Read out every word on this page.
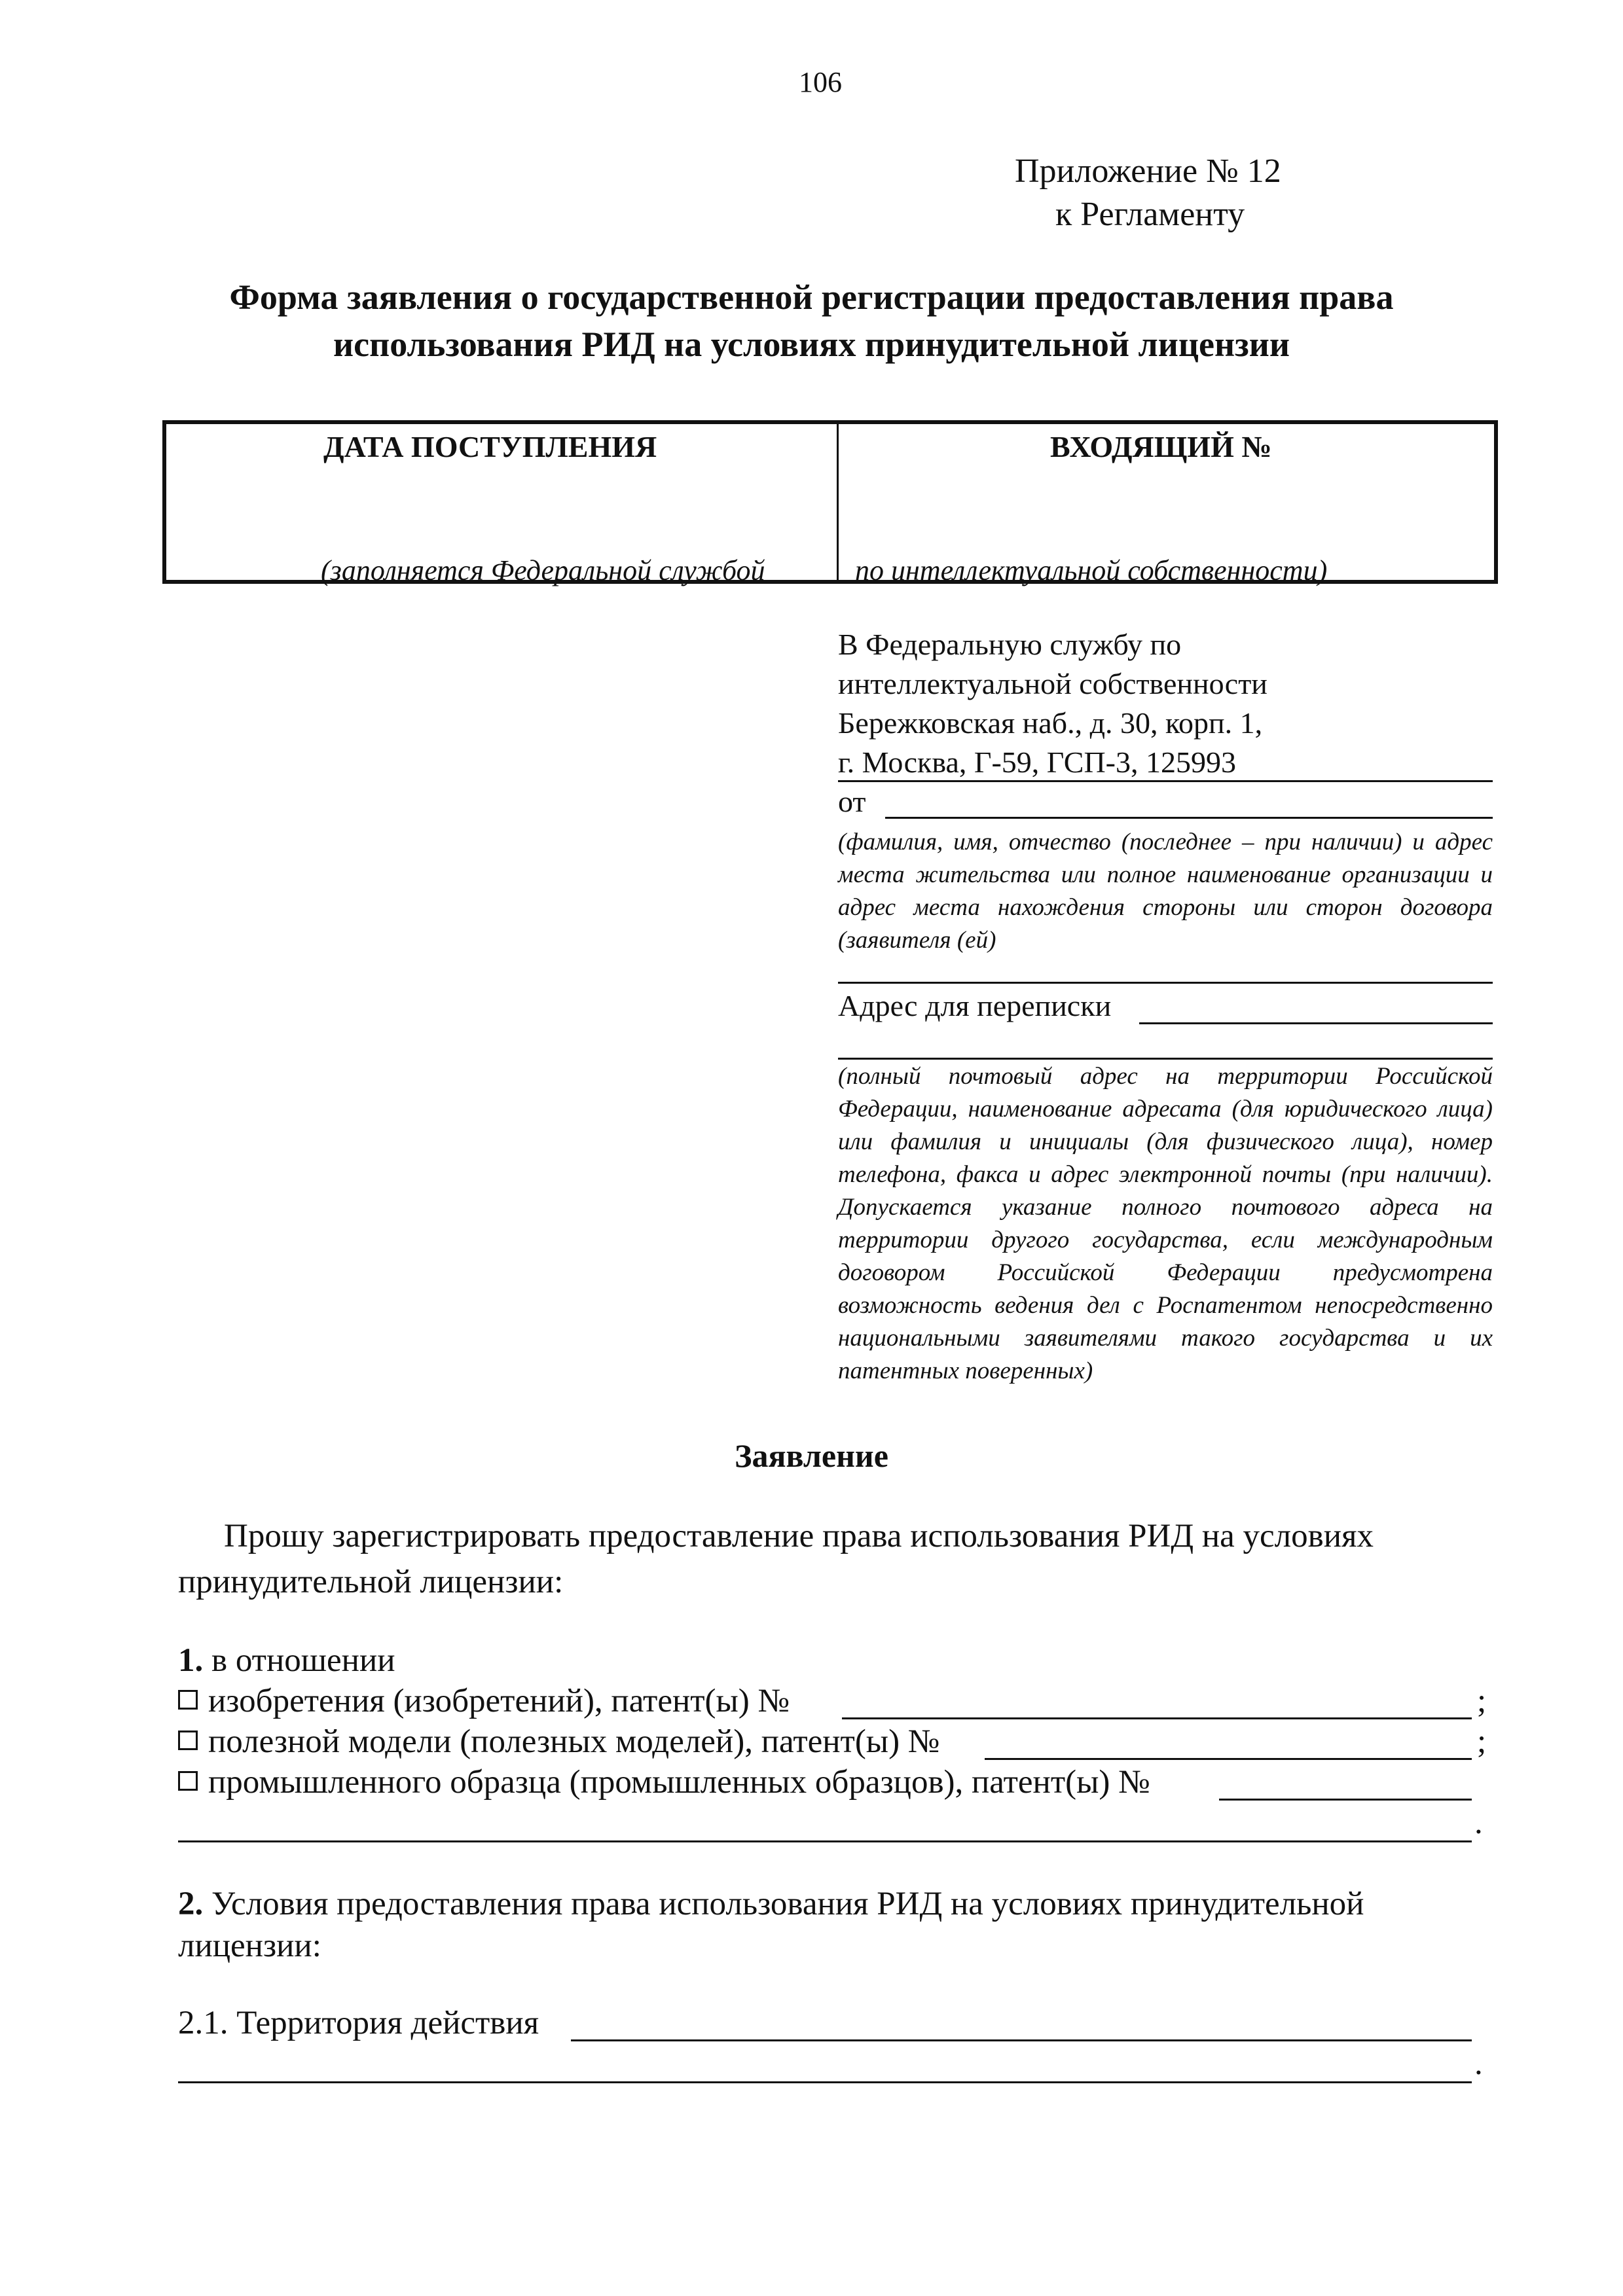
106
Приложение № 12
к Регламенту
Форма заявления о государственной регистрации предоставления права использования РИД на условиях принудительной лицензии
ДАТА ПОСТУПЛЕНИЯ	ВХОДЯЩИЙ №
(заполняется Федеральной службой	по интеллектуальной собственности)
В Федеральную службу по
интеллектуальной собственности
Бережковская наб., д. 30, корп. 1,
г. Москва, Г-59, ГСП-3, 125993
от
(фамилия, имя, отчество (последнее – при наличии) и адрес места жительства или полное наименование организации и адрес места нахождения стороны или сторон договора (заявителя (ей)
Адрес для переписки
(полный почтовый адрес на территории Российской Федерации, наименование адресата (для юридического лица) или фамилия и инициалы (для физического лица), номер телефона, факса и адрес электронной почты (при наличии). Допускается указание полного почтового адреса на территории другого государства, если международным договором Российской Федерации предусмотрена возможность ведения дел с Роспатентом непосредственно национальными заявителями такого государства и их патентных поверенных)
Заявление
Прошу зарегистрировать предоставление права использования РИД на условиях
принудительной лицензии:
1. в отношении
изобретения (изобретений), патент(ы) №	;
полезной модели (полезных моделей), патент(ы) №	;
промышленного образца (промышленных образцов), патент(ы) №
.
2. Условия предоставления права использования РИД на условиях принудительной
лицензии:
2.1. Территория действия
.
